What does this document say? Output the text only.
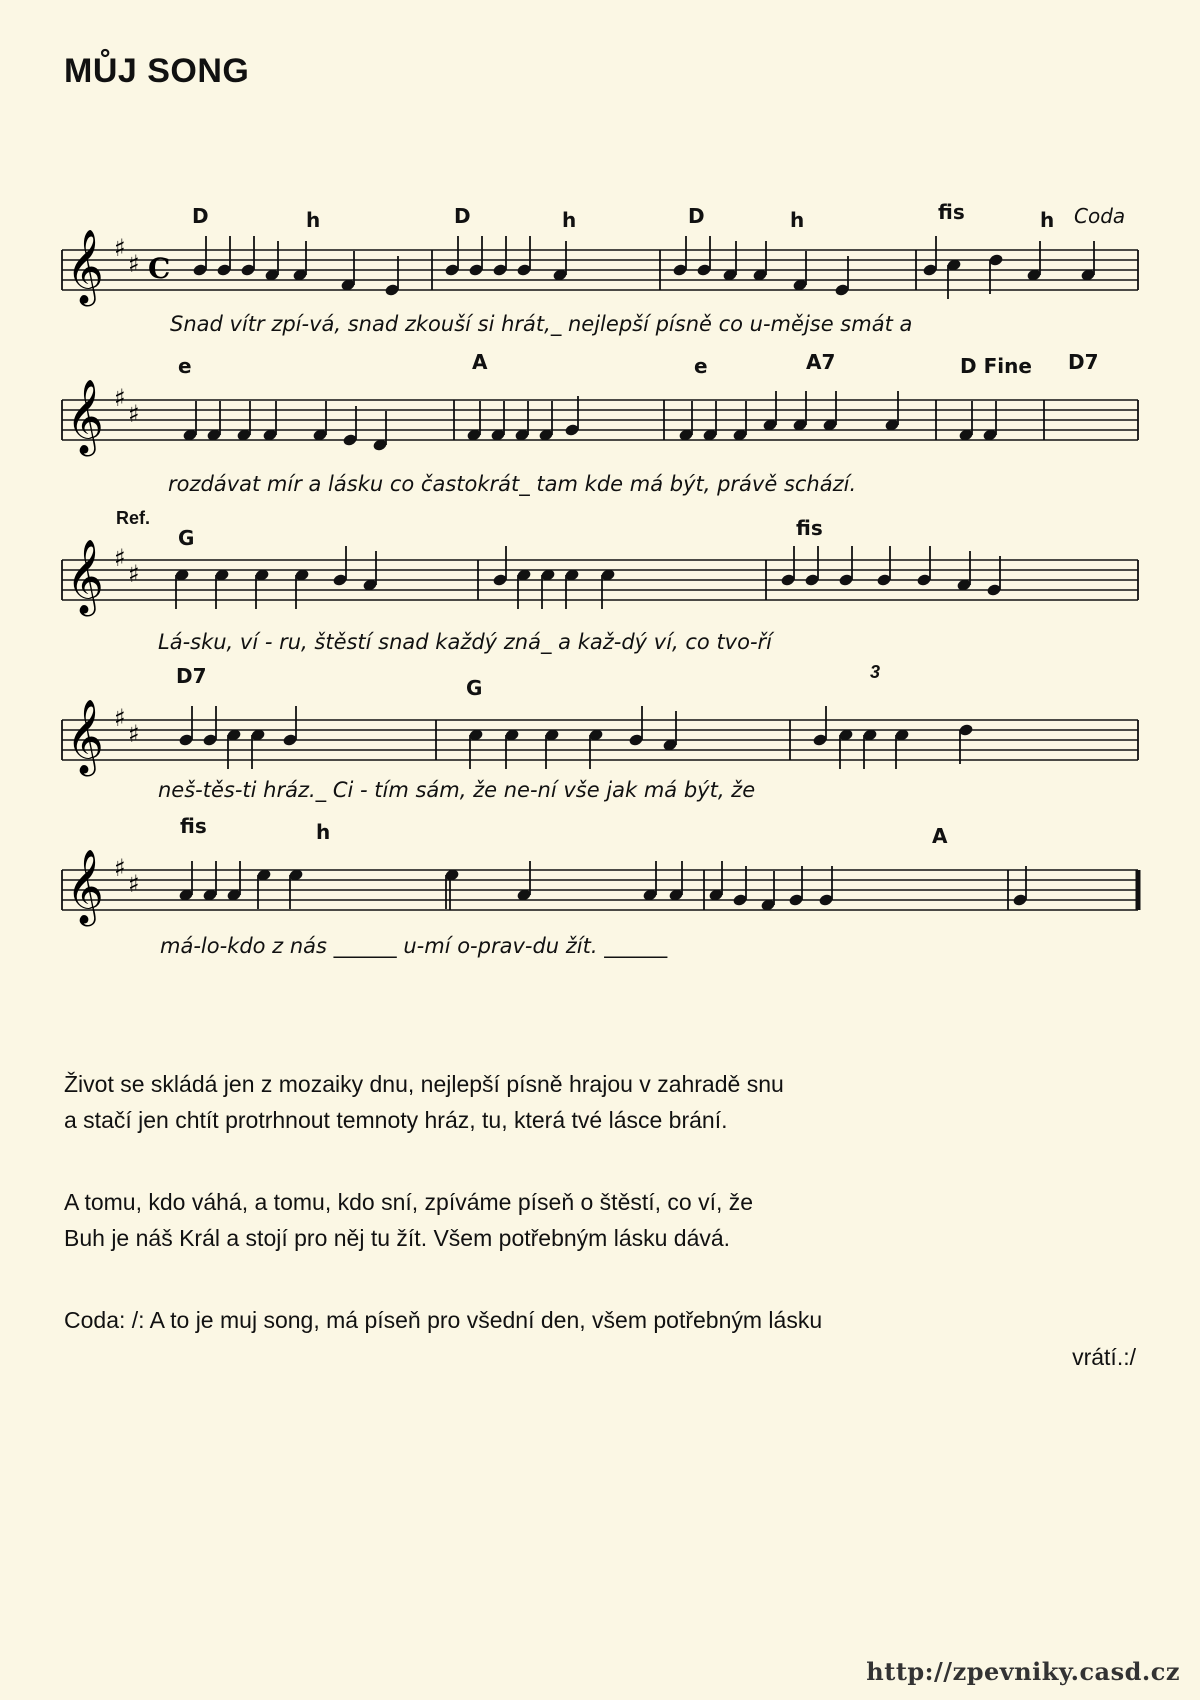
MŮJ SONG
𝄞 ♯
♯ C
D	h	D	h	D	h	fis	h Coda
Snad vítr zpí-vá, snad zkouší si hrát,_ nejlepší písně co u-mějse smát a
𝄞 ♯
♯
e	A	e	A7	D Fine D7
rozdávat mír a lásku co častokrát_ tam kde má být, právě schází.
𝄞 ♯
♯
Ref.
G	fis
Lá-sku, ví - ru, štěstí snad každý zná_ a kaž-dý ví, co tvo-ří
𝄞 ♯
♯
D7	G
3
neš-těs-ti hráz._ Ci - tím sám, že ne-ní vše jak má být, že
𝄞 ♯
♯
fis	h	A
má-lo-kdo z nás ______ u-mí o-prav-du žít. ______
Život se skládá jen z mozaiky dnu, nejlepší písně hrajou v zahradě snu
a stačí jen chtít protrhnout temnoty hráz, tu, která tvé lásce brání.
A tomu, kdo váhá, a tomu, kdo sní, zpíváme píseň o štěstí, co ví, že
Buh je náš Král a stojí pro něj tu žít. Všem potřebným lásku dává.
Coda: /: A to je muj song, má píseň pro všední den, všem potřebným lásku
vrátí.:/
http://zpevniky.casd.cz
